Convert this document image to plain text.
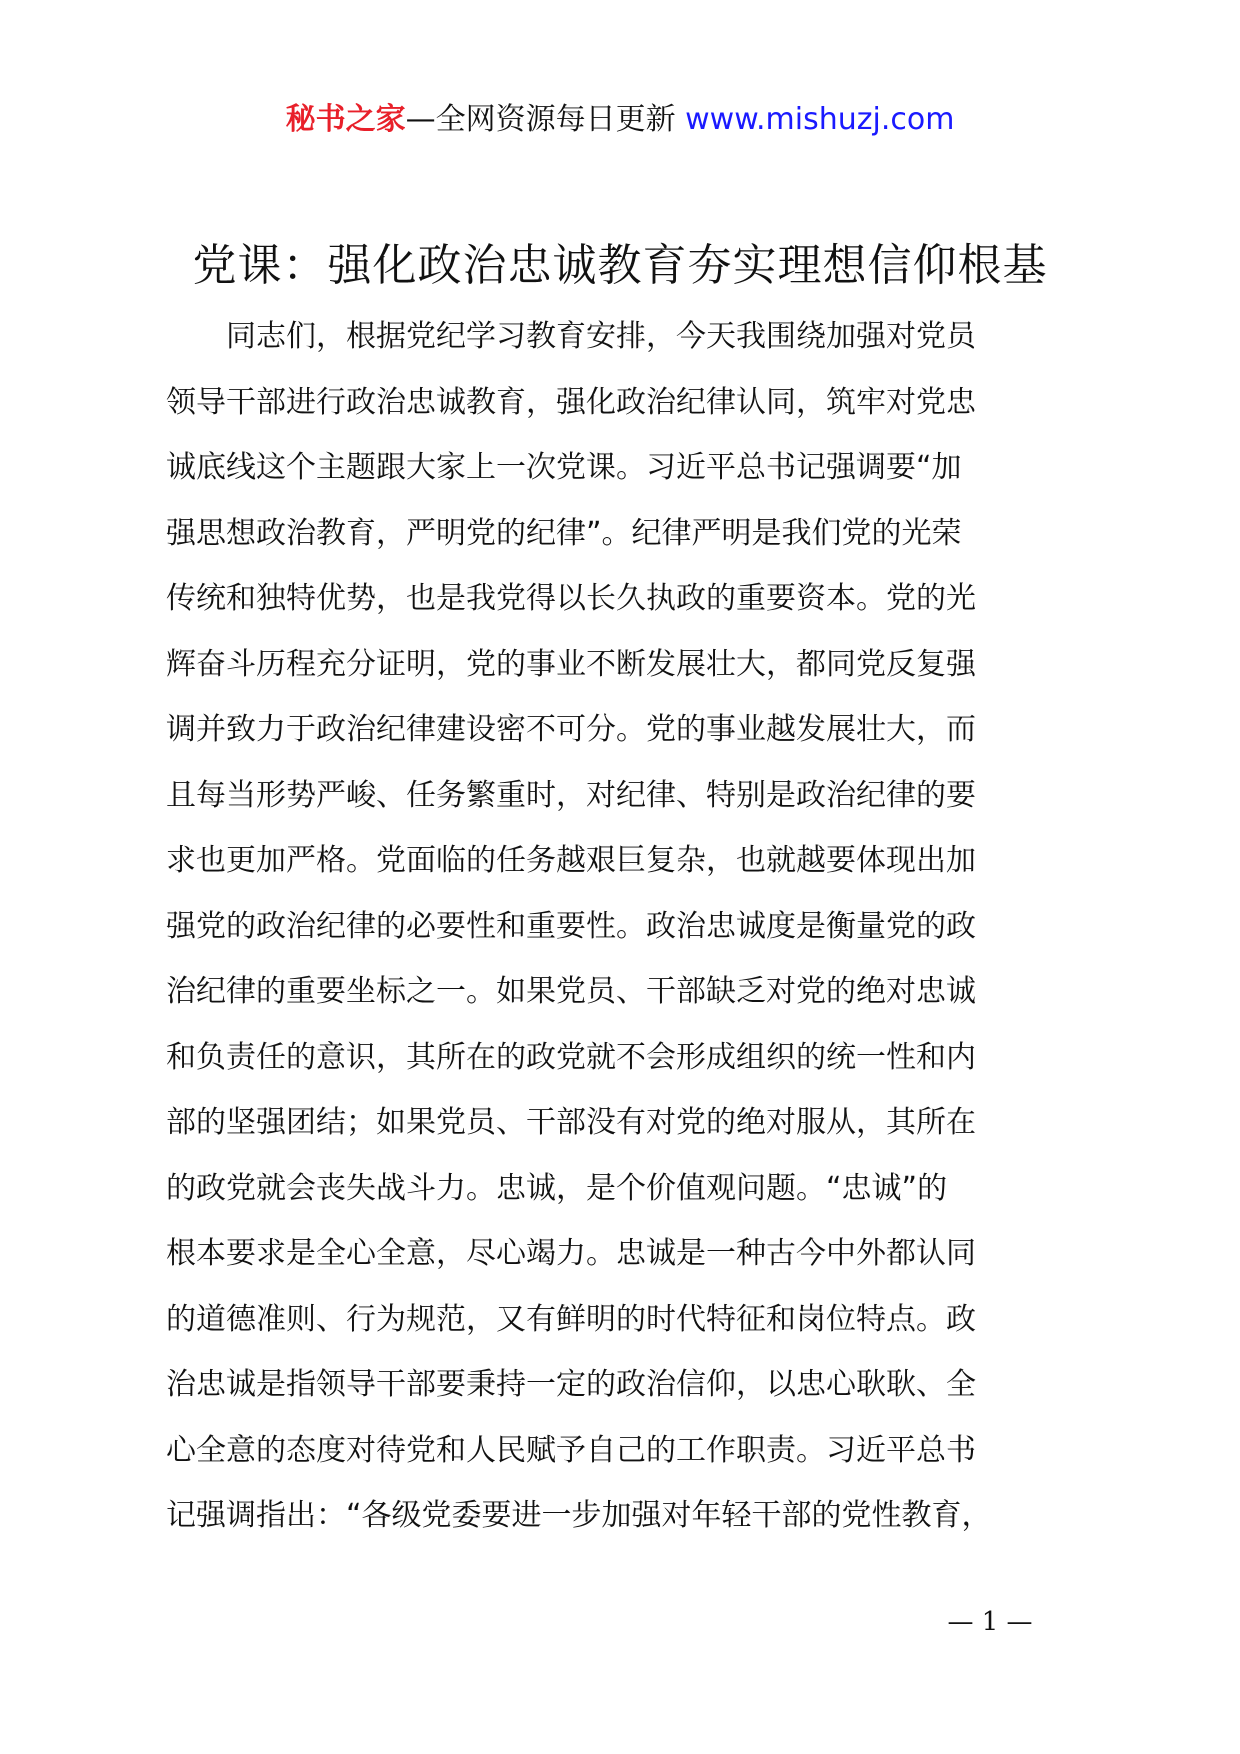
秘书之家—全网资源每日更新 www.mishuzj.com
党课：强化政治忠诚教育夯实理想信仰根基
　　同志们，根据党纪学习教育安排，今天我围绕加强对党员
领导干部进行政治忠诚教育，强化政治纪律认同，筑牢对党忠
诚底线这个主题跟大家上一次党课。习近平总书记强调要“加
强思想政治教育，严明党的纪律”。纪律严明是我们党的光荣
传统和独特优势，也是我党得以长久执政的重要资本。党的光
辉奋斗历程充分证明，党的事业不断发展壮大，都同党反复强
调并致力于政治纪律建设密不可分。党的事业越发展壮大，而
且每当形势严峻、任务繁重时，对纪律、特别是政治纪律的要
求也更加严格。党面临的任务越艰巨复杂，也就越要体现出加
强党的政治纪律的必要性和重要性。政治忠诚度是衡量党的政
治纪律的重要坐标之一。如果党员、干部缺乏对党的绝对忠诚
和负责任的意识，其所在的政党就不会形成组织的统一性和内
部的坚强团结；如果党员、干部没有对党的绝对服从，其所在
的政党就会丧失战斗力。忠诚，是个价值观问题。“忠诚”的
根本要求是全心全意，尽心竭力。忠诚是一种古今中外都认同
的道德准则、行为规范，又有鲜明的时代特征和岗位特点。政
治忠诚是指领导干部要秉持一定的政治信仰，以忠心耿耿、全
心全意的态度对待党和人民赋予自己的工作职责。习近平总书
记强调指出：“各级党委要进一步加强对年轻干部的党性教育，
— 1 —
